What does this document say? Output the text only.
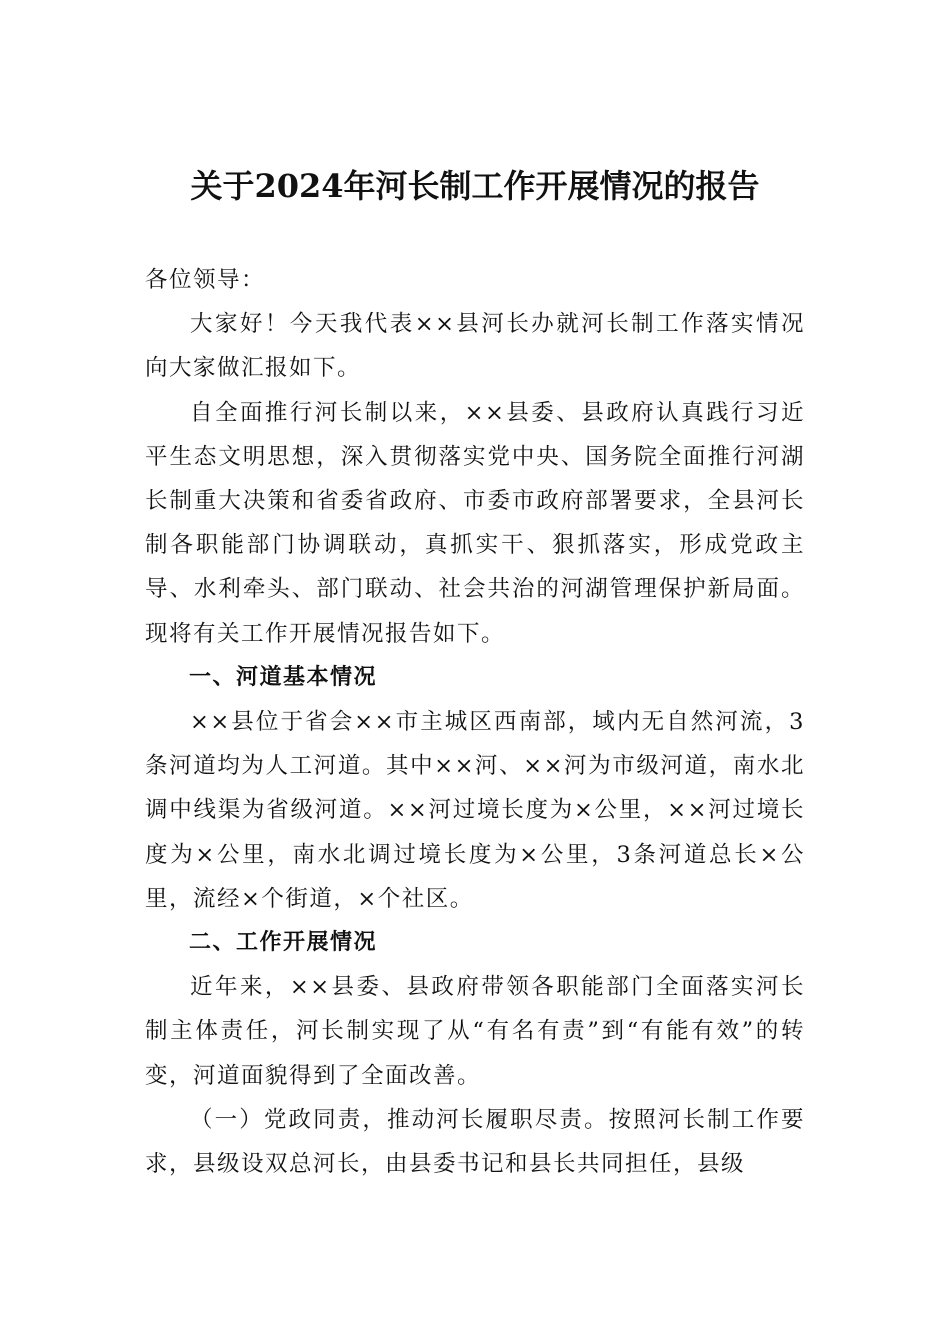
关于2024年河长制工作开展情况的报告

各位领导：

大家好！今天我代表××县河长办就河长制工作落实情况向大家做汇报如下。

自全面推行河长制以来，××县委、县政府认真践行习近平生态文明思想，深入贯彻落实党中央、国务院全面推行河湖长制重大决策和省委省政府、市委市政府部署要求，全县河长制各职能部门协调联动，真抓实干、狠抓落实，形成党政主导、水利牵头、部门联动、社会共治的河湖管理保护新局面。现将有关工作开展情况报告如下。

一、河道基本情况

××县位于省会××市主城区西南部，域内无自然河流，3条河道均为人工河道。其中××河、××河为市级河道，南水北调中线渠为省级河道。××河过境长度为×公里，××河过境长度为×公里，南水北调过境长度为×公里，3条河道总长×公里，流经×个街道，×个社区。

二、工作开展情况

近年来，××县委、县政府带领各职能部门全面落实河长制主体责任，河长制实现了从“有名有责”到“有能有效”的转变，河道面貌得到了全面改善。

（一）党政同责，推动河长履职尽责。按照河长制工作要求，县级设双总河长，由县委书记和县长共同担任，县级
